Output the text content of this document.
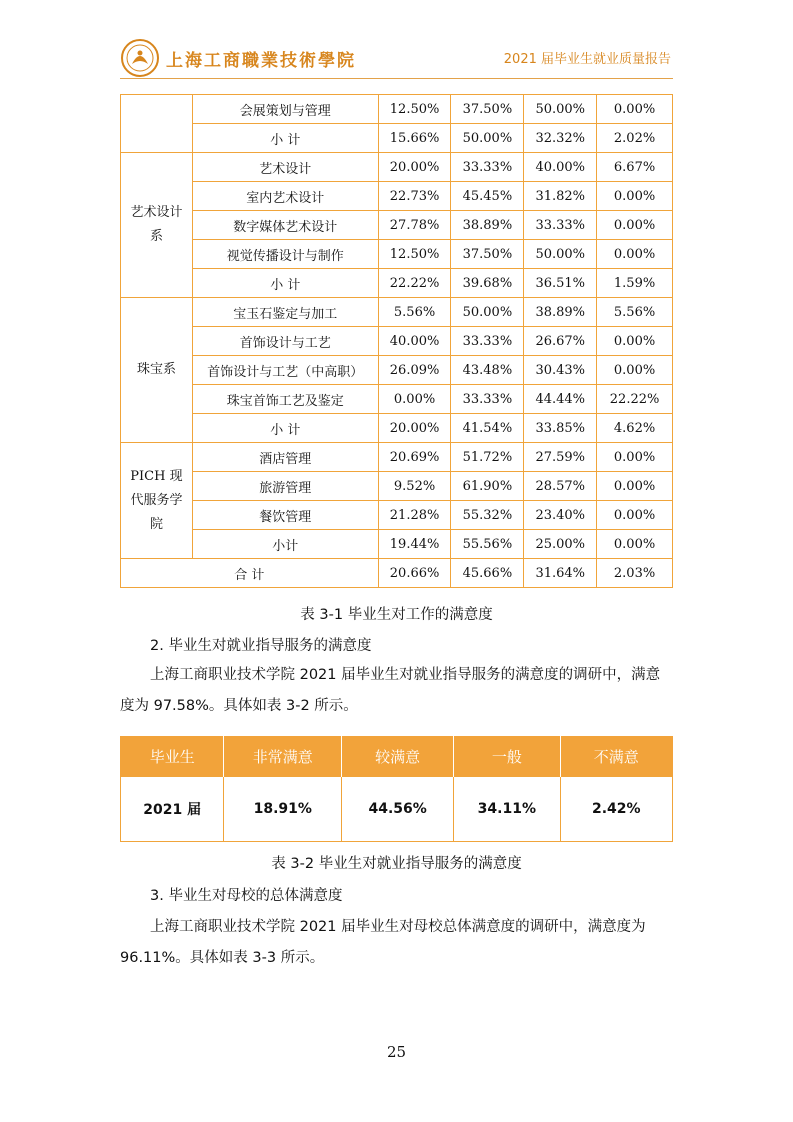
上海工商職業技術學院	2021 届毕业生就业质量报告
	会展策划与管理	12.50%	37.50%	50.00%	0.00%
	小 计	15.66%	50.00%	32.32%	2.02%
艺术设计系	艺术设计	20.00%	33.33%	40.00%	6.67%
	室内艺术设计	22.73%	45.45%	31.82%	0.00%
	数字媒体艺术设计	27.78%	38.89%	33.33%	0.00%
	视觉传播设计与制作	12.50%	37.50%	50.00%	0.00%
	小 计	22.22%	39.68%	36.51%	1.59%
珠宝系	宝玉石鉴定与加工	5.56%	50.00%	38.89%	5.56%
	首饰设计与工艺	40.00%	33.33%	26.67%	0.00%
	首饰设计与工艺（中高职）	26.09%	43.48%	30.43%	0.00%
	珠宝首饰工艺及鉴定	0.00%	33.33%	44.44%	22.22%
	小 计	20.00%	41.54%	33.85%	4.62%
PICH 现代服务学院	酒店管理	20.69%	51.72%	27.59%	0.00%
	旅游管理	9.52%	61.90%	28.57%	0.00%
	餐饮管理	21.28%	55.32%	23.40%	0.00%
	小计	19.44%	55.56%	25.00%	0.00%
合 计		20.66%	45.66%	31.64%	2.03%
表 3-1 毕业生对工作的满意度
2. 毕业生对就业指导服务的满意度
上海工商职业技术学院 2021 届毕业生对就业指导服务的满意度的调研中，满意度为 97.58%。具体如表 3-2 所示。
毕业生	非常满意	较满意	一般	不满意
2021 届	18.91%	44.56%	34.11%	2.42%
表 3-2 毕业生对就业指导服务的满意度
3. 毕业生对母校的总体满意度
上海工商职业技术学院 2021 届毕业生对母校总体满意度的调研中，满意度为 96.11%。具体如表 3-3 所示。
25
